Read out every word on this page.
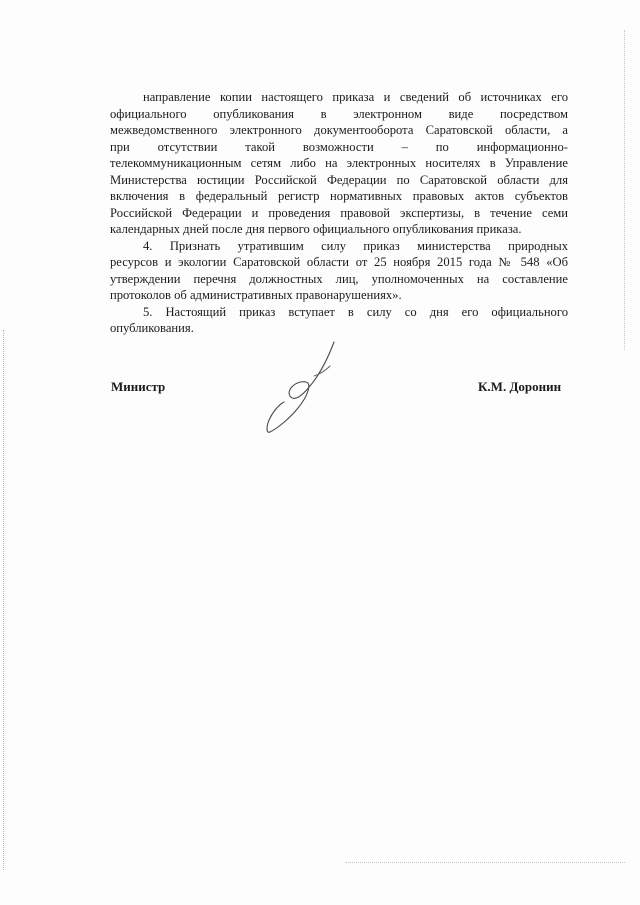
направление копии настоящего приказа и сведений об источниках его
официального опубликования в электронном виде посредством
межведомственного электронного документооборота Саратовской области, а
при отсутствии такой возможности – по информационно-
телекоммуникационным сетям либо на электронных носителях в Управление
Министерства юстиции Российской Федерации по Саратовской области для
включения в федеральный регистр нормативных правовых актов субъектов
Российской Федерации и проведения правовой экспертизы, в течение семи
календарных дней после дня первого официального опубликования приказа.
4. Признать утратившим силу приказ министерства природных
ресурсов и экологии Саратовской области от 25 ноября 2015 года № 548 «Об
утверждении перечня должностных лиц, уполномоченных на составление
протоколов об административных правонарушениях».
5. Настоящий приказ вступает в силу со дня его официального
опубликования.
Министр	К.М. Доронин
